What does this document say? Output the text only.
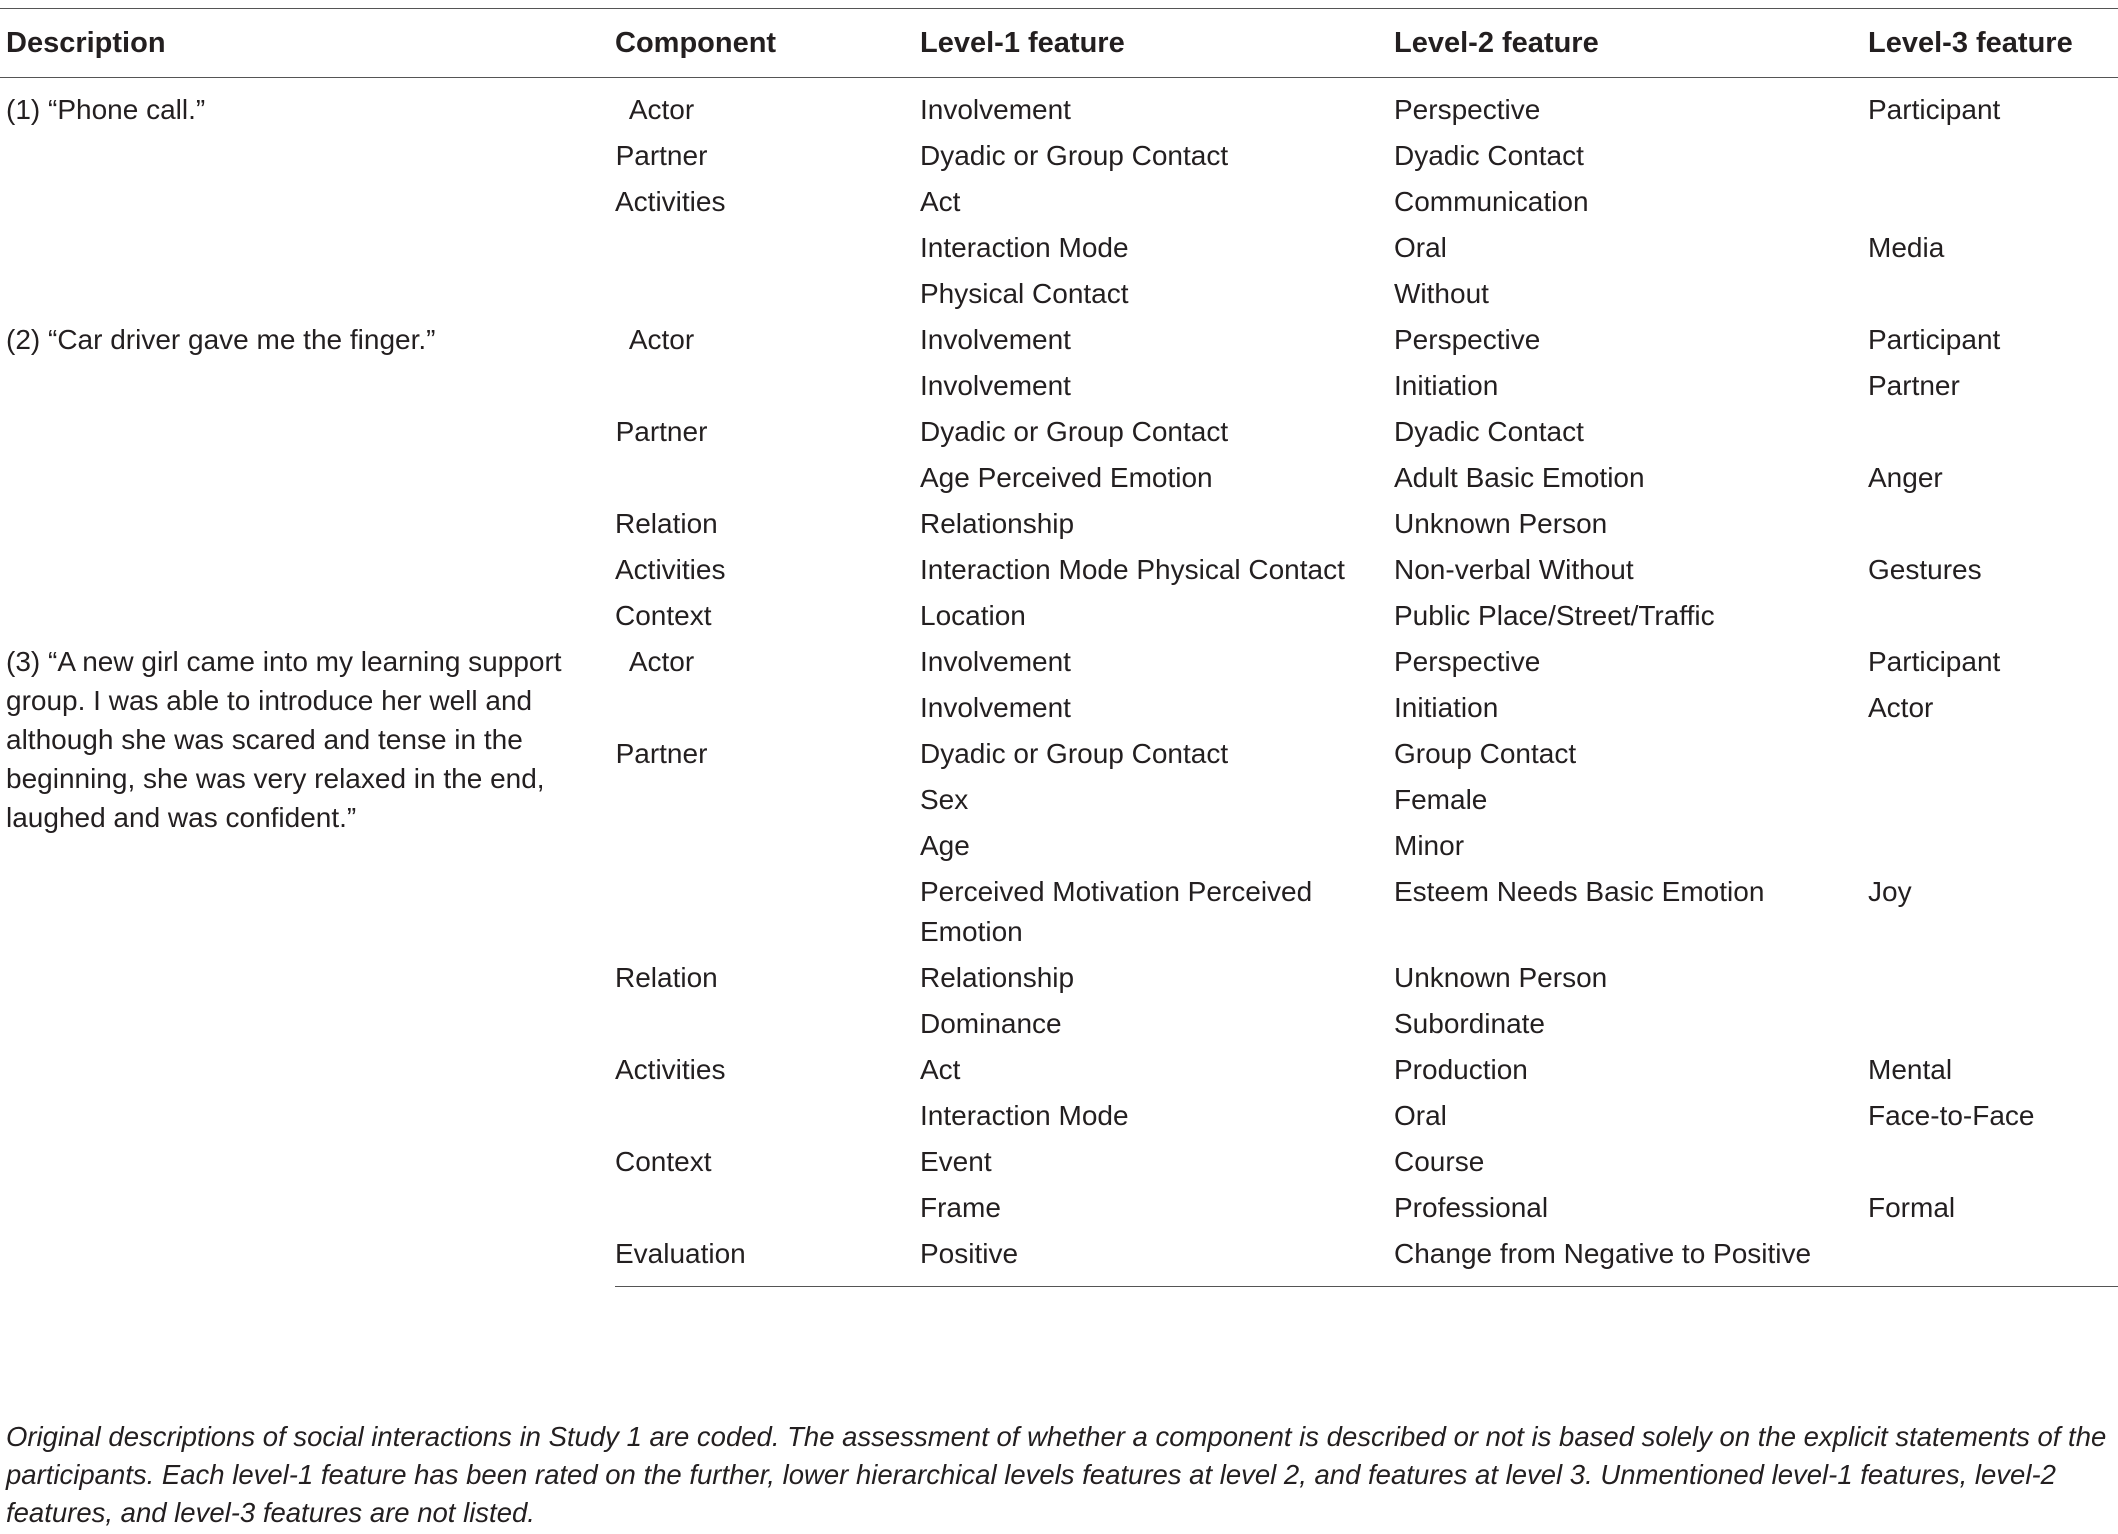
Description	Component	Level-1 feature	Level-2 feature	Level-3 feature
(1) “Phone call.”	Actor	Involvement	Perspective	Participant
	Partner	Dyadic or Group Contact	Dyadic Contact	
	Activities	Act	Communication	
		Interaction Mode	Oral	Media
		Physical Contact	Without	
(2) “Car driver gave me the finger.”	Actor	Involvement	Perspective	Participant
		Involvement	Initiation	Partner
	Partner	Dyadic or Group Contact	Dyadic Contact	
		Age Perceived Emotion	Adult Basic Emotion	Anger
	Relation	Relationship	Unknown Person	
	Activities	Interaction Mode Physical Contact	Non-verbal Without	Gestures
	Context	Location	Public Place/Street/Traffic	
(3) “A new girl came into my learning support group. I was able to introduce her well and although she was scared and tense in the beginning, she was very relaxed in the end, laughed and was confident.”	Actor	Involvement	Perspective	Participant
		Involvement	Initiation	Actor
	Partner	Dyadic or Group Contact	Group Contact	
		Sex	Female	
		Age	Minor	
		Perceived Motivation Perceived Emotion	Esteem Needs Basic Emotion	Joy
	Relation	Relationship	Unknown Person	
		Dominance	Subordinate	
	Activities	Act	Production	Mental
		Interaction Mode	Oral	Face-to-Face
	Context	Event	Course	
		Frame	Professional	Formal
	Evaluation	Positive	Change from Negative to Positive	
Original descriptions of social interactions in Study 1 are coded. The assessment of whether a component is described or not is based solely on the explicit statements of the participants. Each level-1 feature has been rated on the further, lower hierarchical levels features at level 2, and features at level 3. Unmentioned level-1 features, level-2 features, and level-3 features are not listed.
